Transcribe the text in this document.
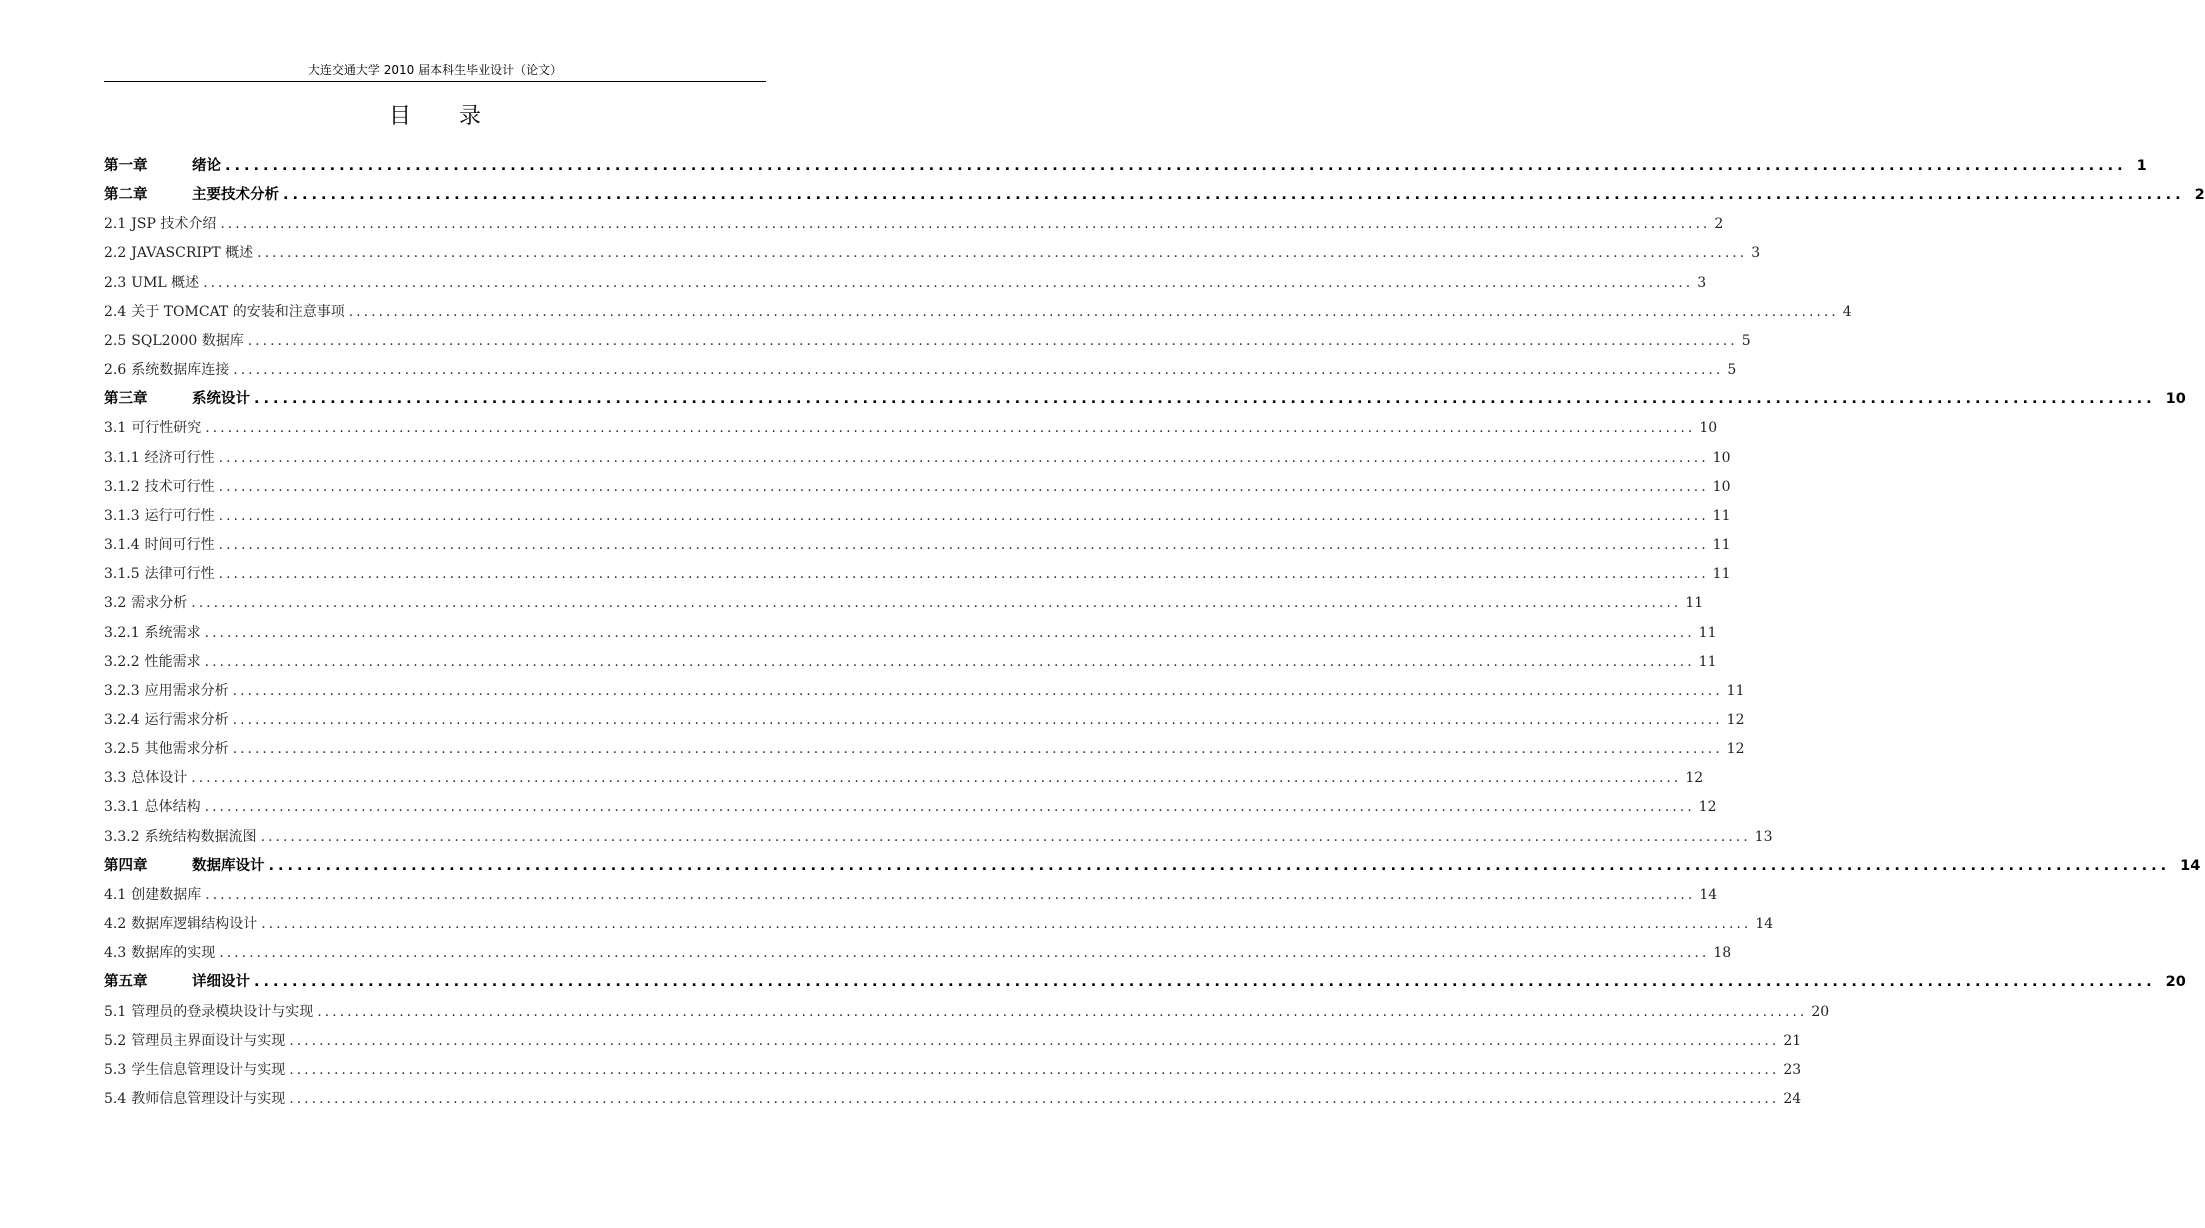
大连交通大学 2010 届本科生毕业设计（论文）
目录
第一章	绪论 ........................................................................................................................................................................................................ 1
第二章	主要技术分析 ........................................................................................................................................................................................................ 2
2.1 JSP 技术介绍 ........................................................................................................................................................................................................ 2
2.2 JAVASCRIPT 概述 ........................................................................................................................................................................................................ 3
2.3 UML 概述 ........................................................................................................................................................................................................ 3
2.4 关于 TOMCAT 的安装和注意事项 ........................................................................................................................................................................................................ 4
2.5 SQL2000 数据库 ........................................................................................................................................................................................................ 5
2.6 系统数据库连接 ........................................................................................................................................................................................................ 5
第三章	系统设计 ........................................................................................................................................................................................................ 10
3.1 可行性研究 ........................................................................................................................................................................................................ 10
3.1.1 经济可行性 ........................................................................................................................................................................................................ 10
3.1.2 技术可行性 ........................................................................................................................................................................................................ 10
3.1.3 运行可行性 ........................................................................................................................................................................................................ 11
3.1.4 时间可行性 ........................................................................................................................................................................................................ 11
3.1.5 法律可行性 ........................................................................................................................................................................................................ 11
3.2 需求分析 ........................................................................................................................................................................................................ 11
3.2.1 系统需求 ........................................................................................................................................................................................................ 11
3.2.2 性能需求 ........................................................................................................................................................................................................ 11
3.2.3 应用需求分析 ........................................................................................................................................................................................................ 11
3.2.4 运行需求分析 ........................................................................................................................................................................................................ 12
3.2.5 其他需求分析 ........................................................................................................................................................................................................ 12
3.3 总体设计 ........................................................................................................................................................................................................ 12
3.3.1 总体结构 ........................................................................................................................................................................................................ 12
3.3.2 系统结构数据流图 ........................................................................................................................................................................................................ 13
第四章	数据库设计 ........................................................................................................................................................................................................ 14
4.1 创建数据库 ........................................................................................................................................................................................................ 14
4.2 数据库逻辑结构设计 ........................................................................................................................................................................................................ 14
4.3 数据库的实现 ........................................................................................................................................................................................................ 18
第五章	详细设计 ........................................................................................................................................................................................................ 20
5.1 管理员的登录模块设计与实现 ........................................................................................................................................................................................................ 20
5.2 管理员主界面设计与实现 ........................................................................................................................................................................................................ 21
5.3 学生信息管理设计与实现 ........................................................................................................................................................................................................ 23
5.4 教师信息管理设计与实现 ........................................................................................................................................................................................................ 24
